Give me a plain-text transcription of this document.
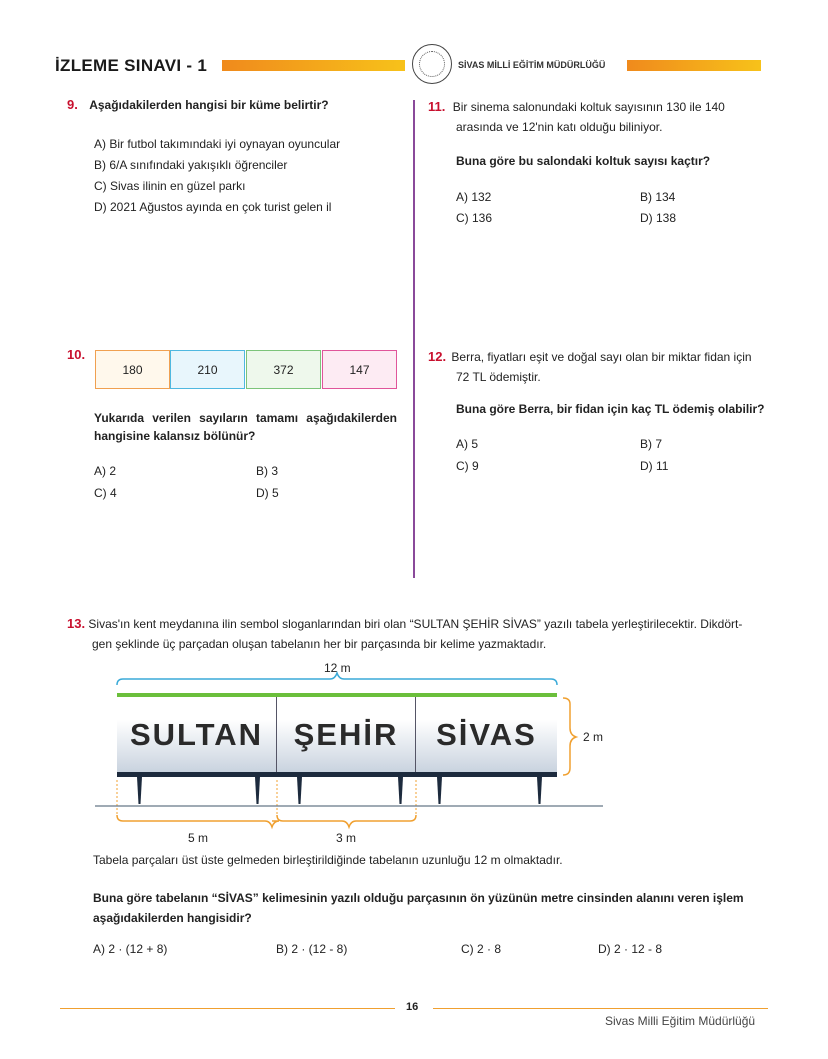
İZLEME SINAVI - 1	SİVAS MİLLİ EĞİTİM MÜDÜRLÜĞÜ
9. Aşağıdakilerden hangisi bir küme belirtir?
A) Bir futbol takımındaki iyi oynayan oyuncular
B) 6/A sınıfındaki yakışıklı öğrenciler
C) Sivas ilinin en güzel parkı
D) 2021 Ağustos ayında en çok turist gelen il
11. Bir sinema salonundaki koltuk sayısının 130 ile 140
arasında ve 12'nin katı olduğu biliniyor.
Buna göre bu salondaki koltuk sayısı kaçtır?
A) 132	B) 134
C) 136	D) 138
10.
180	210	372	147
Yukarıda verilen sayıların tamamı aşağıdakilerden
hangisine kalansız bölünür?
A) 2	B) 3
C) 4	D) 5
12. Berra, fiyatları eşit ve doğal sayı olan bir miktar fidan için
72 TL ödemiştir.
Buna göre Berra, bir fidan için kaç TL ödemiş olabilir?
A) 5	B) 7
C) 9	D) 11
13. Sivas'ın kent meydanına ilin sembol sloganlarından biri olan “SULTAN ŞEHİR SİVAS” yazılı tabela yerleştirilecektir. Dikdört-
gen şeklinde üç parçadan oluşan tabelanın her bir parçasında bir kelime yazmaktadır.
12 m
2 m
5 m	3 m
SULTAN ŞEHİR	SİVAS
Tabela parçaları üst üste gelmeden birleştirildiğinde tabelanın uzunluğu 12 m olmaktadır.
Buna göre tabelanın “SİVAS” kelimesinin yazılı olduğu parçasının ön yüzünün metre cinsinden alanını veren işlem
aşağıdakilerden hangisidir?
A) 2 · (12 + 8)	B) 2 · (12 - 8)	C) 2 · 8	D) 2 · 12 - 8
16
Sivas Milli Eğitim Müdürlüğü
